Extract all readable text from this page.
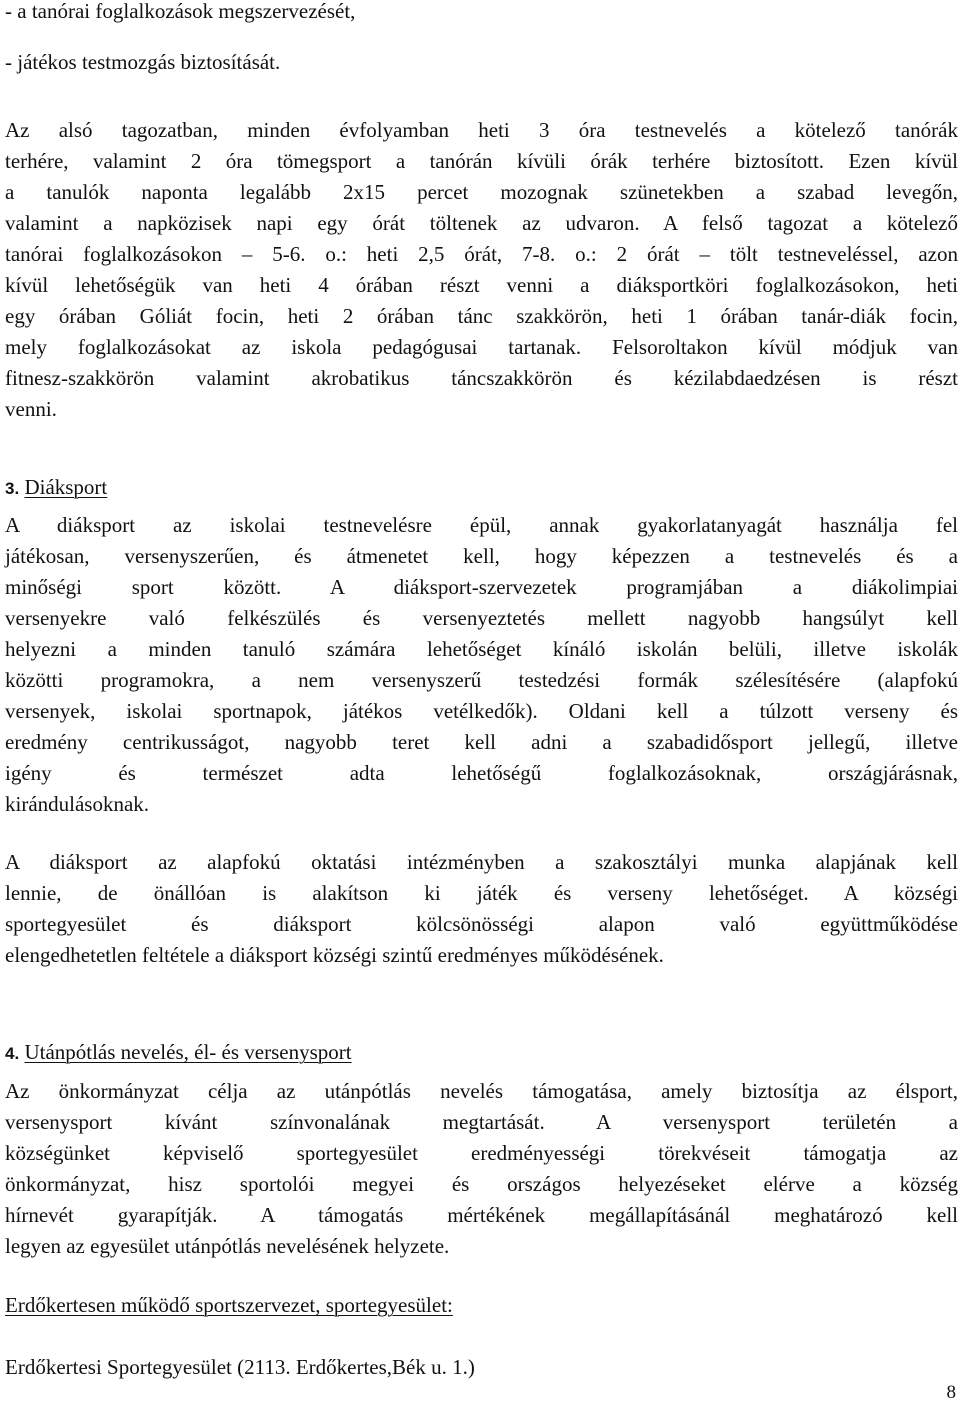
- a tanórai foglalkozások megszervezését,
- játékos testmozgás biztosítását.
Az alsó tagozatban, minden évfolyamban heti 3 óra testnevelés a kötelező tanórák
terhére, valamint 2 óra tömegsport a tanórán kívüli órák terhére biztosított. Ezen kívül
a tanulók naponta legalább 2x15 percet mozognak szünetekben a szabad levegőn,
valamint a napközisek napi egy órát töltenek az udvaron. A felső tagozat a kötelező
tanórai foglalkozásokon – 5-6. o.: heti 2,5 órát, 7-8. o.: 2 órát – tölt testneveléssel, azon
kívül lehetőségük van heti 4 órában részt venni a diáksportköri foglalkozásokon, heti
egy órában Góliát focin, heti 2 órában tánc szakkörön, heti 1 órában tanár-diák focin,
mely foglalkozásokat az iskola pedagógusai tartanak. Felsoroltakon kívül módjuk van
fitnesz-szakkörön valamint akrobatikus táncszakkörön és kézilabdaedzésen is részt
venni.
3. Diáksport
A diáksport az iskolai testnevelésre épül, annak gyakorlatanyagát használja fel
játékosan, versenyszerűen, és átmenetet kell, hogy képezzen a testnevelés és a
minőségi sport között. A diáksport-szervezetek programjában a diákolimpiai
versenyekre való felkészülés és versenyeztetés mellett nagyobb hangsúlyt kell
helyezni a minden tanuló számára lehetőséget kínáló iskolán belüli, illetve iskolák
közötti programokra, a nem versenyszerű testedzési formák szélesítésére (alapfokú
versenyek, iskolai sportnapok, játékos vetélkedők). Oldani kell a túlzott verseny és
eredmény centrikusságot, nagyobb teret kell adni a szabadidősport jellegű, illetve
igény és természet adta lehetőségű foglalkozásoknak, országjárásnak,
kirándulásoknak.
A diáksport az alapfokú oktatási intézményben a szakosztályi munka alapjának kell
lennie, de önállóan is alakítson ki játék és verseny lehetőséget. A községi
sportegyesület és diáksport kölcsönösségi alapon való együttműködése
elengedhetetlen feltétele a diáksport községi szintű eredményes működésének.
4. Utánpótlás nevelés, él- és versenysport
Az önkormányzat célja az utánpótlás nevelés támogatása, amely biztosítja az élsport,
versenysport kívánt színvonalának megtartását. A versenysport területén a
községünket képviselő sportegyesület eredményességi törekvéseit támogatja az
önkormányzat, hisz sportolói megyei és országos helyezéseket elérve a község
hírnevét gyarapítják. A támogatás mértékének megállapításánál meghatározó kell
legyen az egyesület utánpótlás nevelésének helyzete.
Erdőkertesen működő sportszervezet, sportegyesület:
Erdőkertesi Sportegyesület (2113. Erdőkertes,Bék u. 1.)
8
